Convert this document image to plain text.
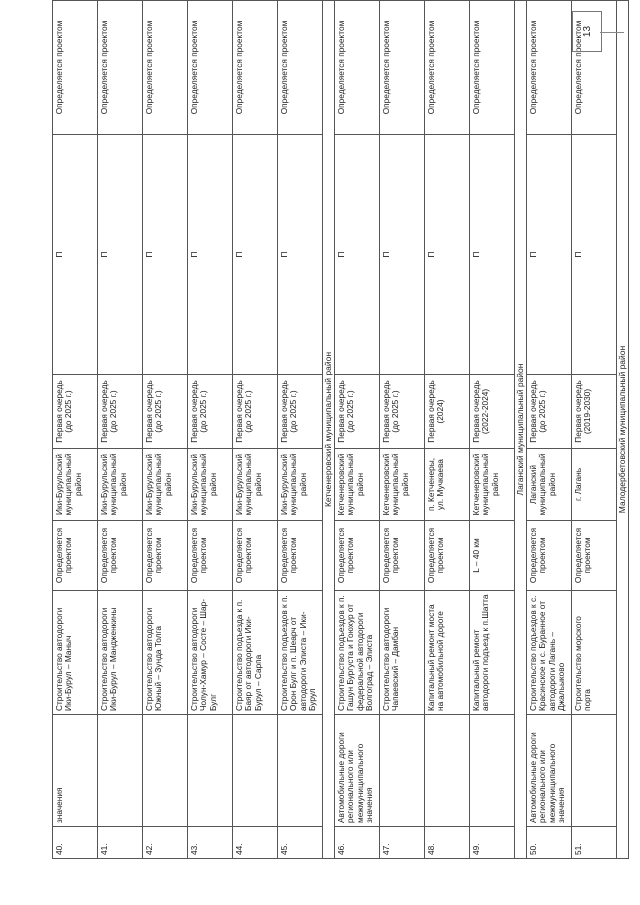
40.	значения	Строительство автодороги Ики-Бурул – Маныч	Определяется проектом	Ики-Бурульский муниципальный район	Первая очередь (до 2025 г.)	П	Определяется проектом
41.		Строительство автодороги Ики-Бурул – Мандженкины	Определяется проектом	Ики-Бурульский муниципальный район	Первая очередь (до 2025 г.)	П	Определяется проектом
42.		Строительство автодороги Южный – Зунда Толга	Определяется проектом	Ики-Бурульский муниципальный район	Первая очередь (до 2025 г.)	П	Определяется проектом
43.		Строительство автодороги Чолун-Хамур – Состе – Шар-Булг	Определяется проектом	Ики-Бурульский муниципальный район	Первая очередь (до 2025 г.)	П	Определяется проектом
44.		Строительство подъезда к п. Баяр от автодороги Ики-Бурул – Сарпа	Определяется проектом	Ики-Бурульский муниципальный район	Первая очередь (до 2025 г.)	П	Определяется проектом
45.		Строительство подъездов к п. Орон Булг и п. Шеарч от автодороги Элиста – Ики-Бурул	Определяется проектом	Ики-Бурульский муниципальный район	Первая очередь (до 2025 г.)	П	Определяется проектом
Кетченеровский муниципальный район							
46.	Автомобильные дороги регионального или межмуниципального значения	Строительство подъездов к п. Гашун Бургуста и Гоюхур от федеральной автодороги Волгоград – Элиста	Определяется проектом	Кетченеровский муниципальный район	Первая очередь (до 2025 г.)	П	Определяется проектом
47.		Строительство автодороги Чапаевский – Дамбан	Определяется проектом	Кетченеровский муниципальный район	Первая очередь (до 2025 г.)	П	Определяется проектом
48.		Капитальный ремонт моста на автомобильной дороге	Определяется проектом	п. Кетченеры, ул. Мучкаева	Первая очередь (2024)	П	Определяется проектом
49.		Капитальный ремонт автодороги подъезд к п.Шатта	L – 40 км	Кетченеровский муниципальный район	Первая очередь (2022-2024)	П	Определяется проектом
Лаганский муниципальный район							
50.	Автомобильные дороги регионального или межмуниципального значения	Строительство подъездов к с. Красинское и с. Буранное от автодороги Лагань – Джальыково	Определяется проектом	Лаганский муниципальный район	Первая очередь (до 2025 г.)	П	Определяется проектом
51.		Строительство морского порта	Определяется проектом	г. Лагань	Первая очередь (2019-2030)	П	Определяется проектом
Малодербетовский муниципальный район							
13
